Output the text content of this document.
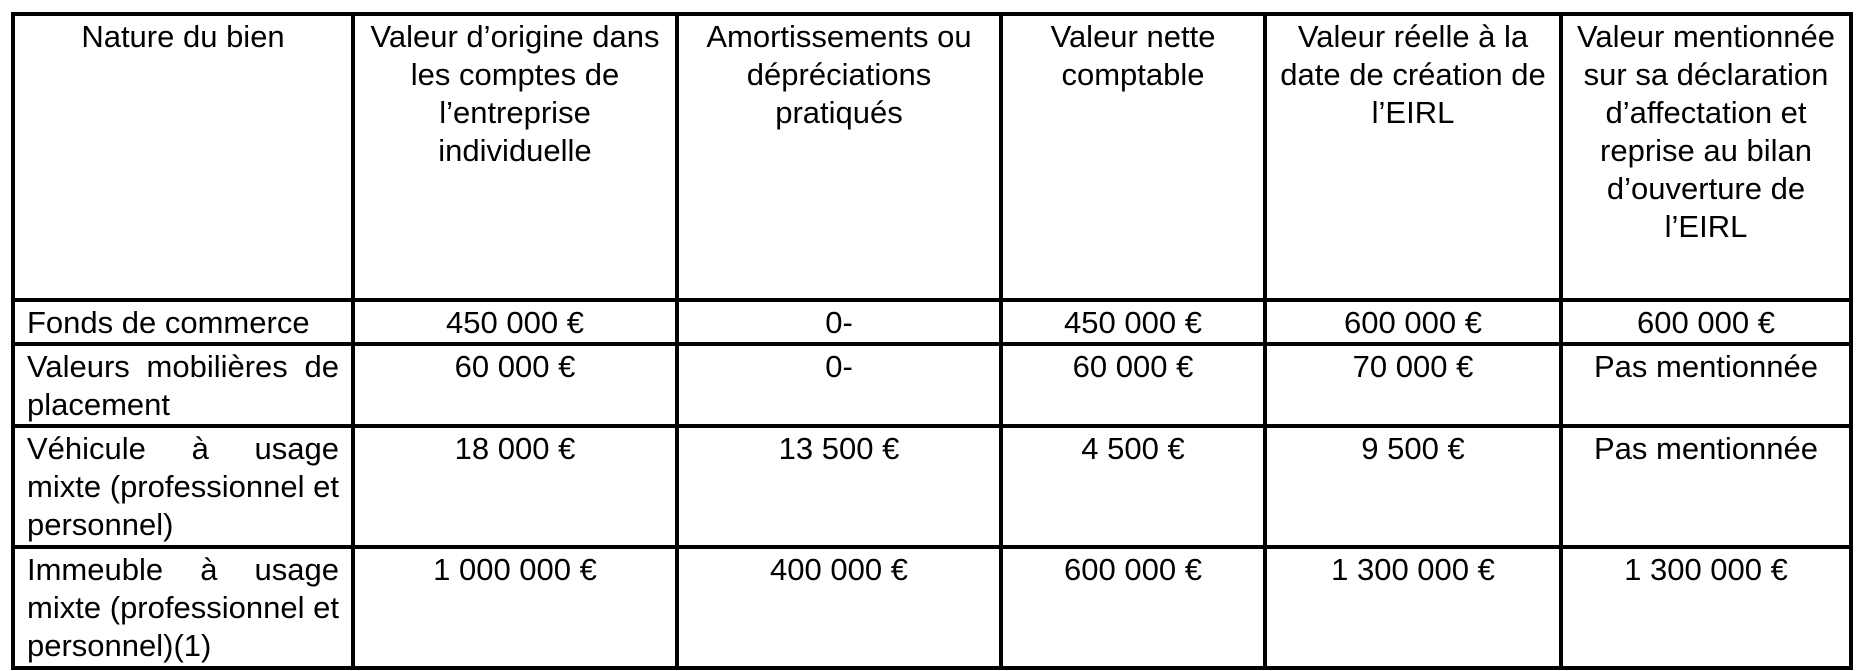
Nature du bien	Valeur d’origine dans les comptes de l’entreprise individuelle	Amortissements ou dépréciations pratiqués	Valeur nette comptable	Valeur réelle à la date de création de l’EIRL	Valeur mentionnée sur sa déclaration d’affectation et reprise au bilan d’ouverture de l’EIRL
Fonds de commerce	450 000 €	0-	450 000 €	600 000 €	600 000 €
Valeurs mobilières de placement	60 000 €	0-	60 000 €	70 000 €	Pas mentionnée
Véhicule à usage mixte (professionnel et personnel)	18 000 €	13 500 €	4 500 €	9 500 €	Pas mentionnée
Immeuble à usage mixte (professionnel et personnel)(1)	1 000 000 €	400 000 €	600 000 €	1 300 000 €	1 300 000 €
